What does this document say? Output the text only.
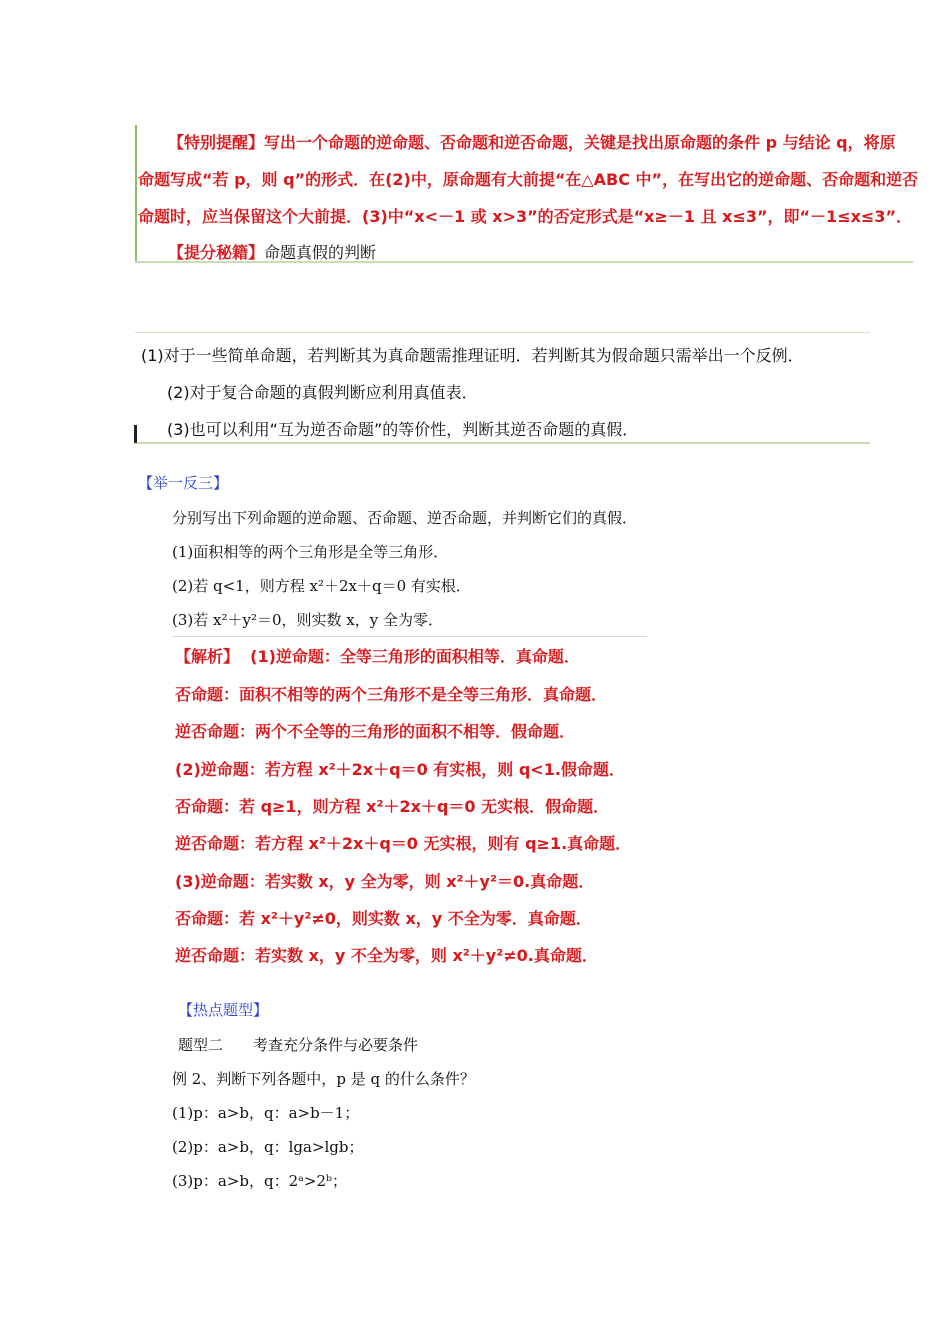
【特别提醒】写出一个命题的逆命题、否命题和逆否命题，关键是找出原命题的条件 p 与结论 q，将原
命题写成“若 p，则 q”的形式．在(2)中，原命题有大前提“在△ABC 中”，在写出它的逆命题、否命题和逆否
命题时，应当保留这个大前提．(3)中“x<－1 或 x>3”的否定形式是“x≥－1 且 x≤3”，即“－1≤x≤3”．
【提分秘籍】命题真假的判断
(1)对于一些简单命题，若判断其为真命题需推理证明．若判断其为假命题只需举出一个反例．
(2)对于复合命题的真假判断应利用真值表．
(3)也可以利用“互为逆否命题”的等价性，判断其逆否命题的真假．
【举一反三】
分别写出下列命题的逆命题、否命题、逆否命题，并判断它们的真假．
(1)面积相等的两个三角形是全等三角形．
(2)若 q<1，则方程 x²＋2x＋q＝0 有实根．
(3)若 x²＋y²＝0，则实数 x，y 全为零．
【解析】 (1)逆命题：全等三角形的面积相等．真命题．
否命题：面积不相等的两个三角形不是全等三角形．真命题．
逆否命题：两个不全等的三角形的面积不相等．假命题．
(2)逆命题：若方程 x²＋2x＋q＝0 有实根，则 q<1.假命题．
否命题：若 q≥1，则方程 x²＋2x＋q＝0 无实根．假命题．
逆否命题：若方程 x²＋2x＋q＝0 无实根，则有 q≥1.真命题．
(3)逆命题：若实数 x，y 全为零，则 x²＋y²＝0.真命题．
否命题：若 x²＋y²≠0，则实数 x，y 不全为零．真命题．
逆否命题：若实数 x，y 不全为零，则 x²＋y²≠0.真命题．
【热点题型】
题型二　　考查充分条件与必要条件
例 2、判断下列各题中，p 是 q 的什么条件？
(1)p：a>b，q：a>b－1；
(2)p：a>b，q：lga>lgb；
(3)p：a>b，q：2ᵃ>2ᵇ；
